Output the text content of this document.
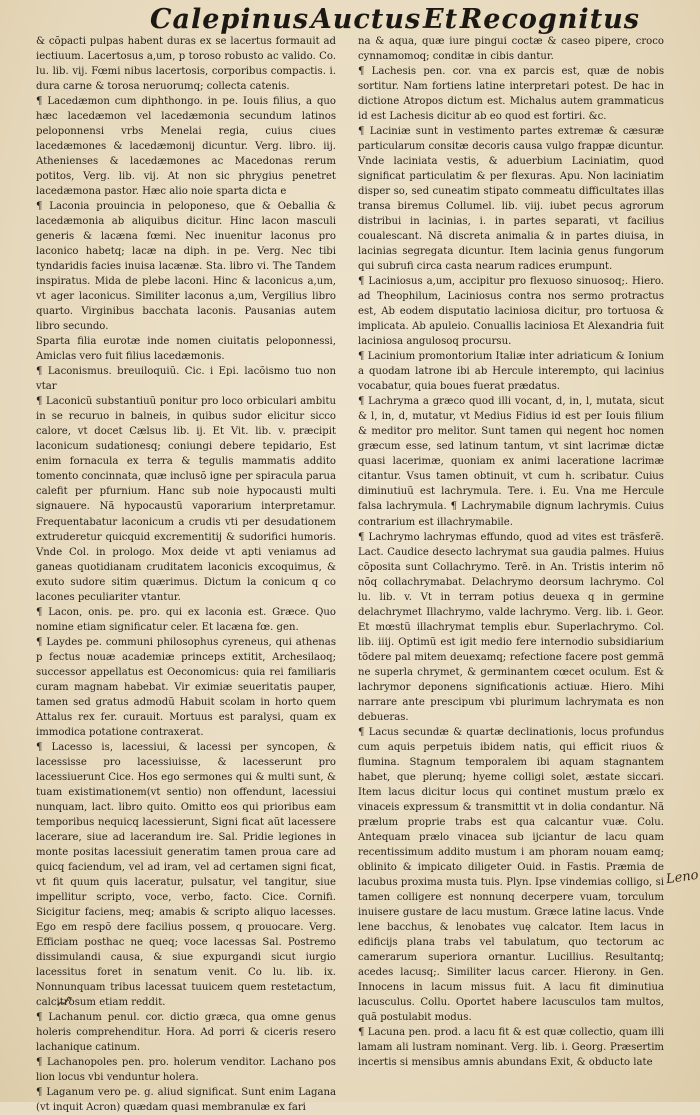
Calepinus Auctus Et Recognitus

& cõpacti pulpas habent duras ex se lacertus formauit ad iectiuum. Lacertosus a,um, p toroso robusto ac valido. Co. lu. lib. vij. Fœmi nibus lacertosis, corporibus compactis. i. dura carne & torosa neruorumq; collecta catenis.

¶ Lacedæmon cum diphthongo. in pe. Iouis filius, a quo hæc lacedæmon vel lacedæmonia secundum latinos peloponnensi vrbs Menelai regia, cuius ciues lacedæmones & lacedæmonij dicuntur. Verg. libro. iij. Athenienses & lacedæmones ac Macedonas rerum potitos, Verg. lib. vij. At non sic phrygius penetret lacedæmona pastor. Hæc alio noie sparta dicta e

¶ Laconia prouincia in peloponeso, que & Oeballia & lacedæmonia ab aliquibus dicitur. Hinc lacon masculi generis & lacæna fœmi. Nec inuenitur laconus pro laconico habetq; lacæ na diph. in pe. Verg. Nec tibi tyndaridis facies inuisa lacænæ. Sta. libro vi. The Tandem inspiratus. Mida de plebe laconi. Hinc & laconicus a,um, vt ager laconicus. Similiter laconus a,um, Vergilius libro quarto. Virginibus bacchata laconis. Pausanias autem libro secundo.

Sparta filia eurotæ inde nomen ciuitatis peloponnessi, Amiclas vero fuit filius lacedæmonis.

¶ Laconismus. breuiloquiũ. Cic. i Epi. lacõismo tuo non vtar

¶ Laconicũ substantiuũ ponitur pro loco orbiculari ambitu in se recuruo in balneis, in quibus sudor elicitur sicco calore, vt docet Cælsus lib. ij. Et Vit. lib. v. præcipit laconicum sudationesq; coniungi debere tepidario, Est enim fornacula ex terra & tegulis mammatis addito tomento concinnata, quæ inclusõ igne per spiracula parua calefit per pfurnium. Hanc sub noie hypocausti multi signauere. Nã hypocaustũ vaporarium interpretamur. Frequentabatur laconicum a crudis vti per desudationem extruderetur quicquid excrementitij & sudorifici humoris. Vnde Col. in prologo. Mox deide vt apti veniamus ad ganeas quotidianam cruditatem laconicis excoquimus, & exuto sudore sitim quærimus. Dictum la conicum q co lacones peculiariter vtantur.

¶ Lacon, onis. pe. pro. qui ex laconia est. Græce. Quo nomine etiam significatur celer. Et lacæna fœ. gen.

¶ Laydes pe. communi philosophus cyreneus, qui athenas p fectus nouæ academiæ princeps extitit, Archesilaoq; successor appellatus est Oeconomicus: quia rei familiaris curam magnam habebat. Vir eximiæ seueritatis pauper, tamen sed gratus admodũ Habuit scolam in horto quem Attalus rex fer. curauit. Mortuus est paralysi, quam ex immodica potatione contraxerat.

¶ Lacesso is, lacessiui, & lacessi per syncopen, & lacessisse pro lacessiuisse, & lacesserunt pro lacessiuerunt Cice. Hos ego sermones qui & multi sunt, & tuam existimationem(vt sentio) non offendunt, lacessiui nunquam, lact. libro quito. Omitto eos qui prioribus eam temporibus nequicq lacessierunt, Signi ficat aũt lacessere lacerare, siue ad lacerandum ire. Sal. Pridie legiones in monte positas lacessiuit generatim tamen proua care ad quicq faciendum, vel ad iram, vel ad certamen signi ficat, vt fit quum quis laceratur, pulsatur, vel tangitur, siue impellitur scripto, voce, verbo, facto. Cice. Cornifi. Sicigitur faciens, meq; amabis & scripto aliquo lacesses. Ego em respõ dere facilius possem, q prouocare. Verg. Efficiam posthac ne queq; voce lacessas Sal. Postremo dissimulandi causa, & siue expurgandi sicut iurgio lacessitus foret in senatum venit. Co lu. lib. ix. Nonnunquam tribus lacessat tuuicem quem restetactum, calcitrosum etiam reddit.

¶ Lachanum penul. cor. dictio græca, qua omne genus holeris comprehenditur. Hora. Ad porri & ciceris resero lachanique catinum.

¶ Lachanopoles pen. pro. holerum venditor. Lachano pos lion locus vbi venduntur holera.

¶ Laganum vero pe. g. aliud significat. Sunt enim Lagana (vt inquit Acron) quædam quasi membranulæ ex fari

na & aqua, quæ iure pingui coctæ & caseo pipere, croco cynnamomoq; conditæ in cibis dantur.

¶ Lachesis pen. cor. vna ex parcis est, quæ de nobis sortitur. Nam fortiens latine interpretari potest. De hac in dictione Atropos dictum est. Michalus autem grammaticus id est Lachesis dicitur ab eo quod est fortiri. &c.

¶ Laciniæ sunt in vestimento partes extremæ & cæsuræ particularum consitæ decoris causa vulgo frappæ dicuntur. Vnde laciniata vestis, & aduerbium Laciniatim, quod significat particulatim & per flexuras. Apu. Non laciniatim disper so, sed cuneatim stipato commeatu difficultates illas transa biremus Collumel. lib. viij. iubet pecus agrorum distribui in lacinias, i. in partes separati, vt facilius coualescant. Nã discreta animalia & in partes diuisa, in lacinias segregata dicuntur. Item lacinia genus fungorum qui subrufi circa casta nearum radices erumpunt.

¶ Laciniosus a,um, accipitur pro flexuoso sinuosoq;. Hiero. ad Theophilum, Laciniosus contra nos sermo protractus est, Ab eodem disputatio laciniosa dicitur, pro tortuosa & implicata. Ab apuleio. Conuallis laciniosa Et Alexandria fuit laciniosa angulosoq procursu.

¶ Lacinium promontorium Italiæ inter adriaticum & Ionium a quodam latrone ibi ab Hercule interempto, qui lacinius vocabatur, quia boues fuerat prædatus.

¶ Lachryma a græco quod illi vocant, d, in, l, mutata, sicut & l, in, d, mutatur, vt Medius Fidius id est per Iouis filium & meditor pro melitor. Sunt tamen qui negent hoc nomen græcum esse, sed latinum tantum, vt sint lacrimæ dictæ quasi lacerimæ, quoniam ex animi laceratione lacrimæ citantur. Vsus tamen obtinuit, vt cum h. scribatur. Cuius diminutiuũ est lachrymula. Tere. i. Eu. Vna me Hercule falsa lachrymula. ¶ Lachrymabile dignum lachrymis. Cuius contrarium est illachrymabile.

¶ Lachrymo lachrymas effundo, quod ad vites est trãsferẽ. Lact. Caudice desecto lachrymat sua gaudia palmes. Huius cõposita sunt Collachrymo. Terẽ. in An. Tristis interim nõ nõq collachrymabat. Delachrymo deorsum lachrymo. Col lu. lib. v. Vt in terram potius deuexa q in germine delachrymet Illachrymo, valde lachrymo. Verg. lib. i. Geor. Et mœstũ illachrymat templis ebur. Superlachrymo. Col. lib. iiij. Optimũ est igit medio fere internodio subsidiarium tõdere pal mitem deuexamq; refectione facere post gemmã ne superla chrymet, & germinantem cœcet oculum. Est & lachrymor deponens significationis actiuæ. Hiero. Mihi narrare ante prescipum vbi plurimum lachrymata es non debueras.

¶ Lacus secundæ & quartæ declinationis, locus profundus cum aquis perpetuis ibidem natis, qui efficit riuos & flumina. Stagnum temporalem ibi aquam stagnantem habet, que plerunq; hyeme colligi solet, æstate siccari. Item lacus dicitur locus qui continet mustum prælo ex vinaceis expressum & transmittit vt in dolia condantur. Nã prælum proprie trabs est qua calcantur vuæ. Colu. Antequam prælo vinacea sub ijciantur de lacu quam recentissimum addito mustum i am phoram nouam eamq; oblinito & impicato diligeter Ouid. in Fastis. Præmia de lacubus proxima musta tuis. Plyn. Ipse vindemias colligo, si tamen colligere est nonnunq decerpere vuam, torculum inuisere gustare de lacu mustum. Græce latine lacus. Vnde lene bacchus, & lenobates vuę calcator. Item lacus in edificijs plana trabs vel tabulatum, quo tectorum ac camerarum superiora ornantur. Lucillius. Resultantq; acedes lacusq;. Similiter lacus carcer. Hierony. in Gen. Innocens in lacum missus fuit. A lacu fit diminutiua lacusculus. Collu. Oportet habere lacusculos tam multos, quã postulabit modus.

¶ Lacuna pen. prod. a lacu fit & est quæ collectio, quam illi lamam ali lustram nominant. Verg. lib. i. Georg. Præsertim incertis si mensibus amnis abundans Exit, & obducto late

Leno
